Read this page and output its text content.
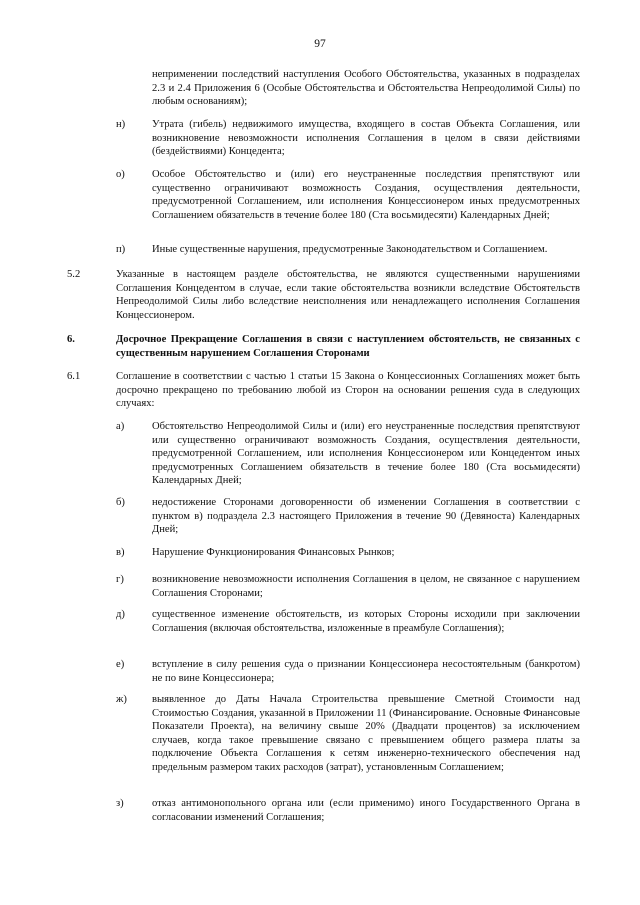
97
неприменении последствий наступления Особого Обстоятельства, указанных в подразделах 2.3 и 2.4 Приложения 6 (Особые Обстоятельства и Обстоятельства Непреодолимой Силы) по любым основаниям);
н)	Утрата (гибель) недвижимого имущества, входящего в состав Объекта Соглашения, или возникновение невозможности исполнения Соглашения в целом в связи действиями (бездействиями) Концедента;
о)	Особое Обстоятельство и (или) его неустраненные последствия препятствуют или существенно ограничивают возможность Создания, осуществления деятельности, предусмотренной Соглашением, или исполнения Концессионером иных предусмотренных Соглашением обязательств в течение более 180 (Ста восьмидесяти) Календарных Дней;
п)	Иные существенные нарушения, предусмотренные Законодательством и Соглашением.
5.2	Указанные в настоящем разделе обстоятельства, не являются существенными нарушениями Соглашения Концедентом в случае, если такие обстоятельства возникли вследствие Обстоятельств Непреодолимой Силы либо вследствие неисполнения или ненадлежащего исполнения Соглашения Концессионером.
6.	Досрочное Прекращение Соглашения в связи с наступлением обстоятельств, не связанных с существенным нарушением Соглашения Сторонами
6.1	Соглашение в соответствии с частью 1 статьи 15 Закона о Концессионных Соглашениях может быть досрочно прекращено по требованию любой из Сторон на основании решения суда в следующих случаях:
а)	Обстоятельство Непреодолимой Силы и (или) его неустраненные последствия препятствуют или существенно ограничивают возможность Создания, осуществления деятельности, предусмотренной Соглашением, или исполнения Концессионером или Концедентом иных предусмотренных Соглашением обязательств в течение более 180 (Ста восьмидесяти) Календарных Дней;
б)	недостижение Сторонами договоренности об изменении Соглашения в соответствии с пунктом в) подраздела 2.3 настоящего Приложения в течение 90 (Девяноста) Календарных Дней;
в)	Нарушение Функционирования Финансовых Рынков;
г)	возникновение невозможности исполнения Соглашения в целом, не связанное с нарушением Соглашения Сторонами;
д)	существенное изменение обстоятельств, из которых Стороны исходили при заключении Соглашения (включая обстоятельства, изложенные в преамбуле Соглашения);
е)	вступление в силу решения суда о признании Концессионера несостоятельным (банкротом) не по вине Концессионера;
ж) выявленное до Даты Начала Строительства превышение Сметной Стоимости над Стоимостью Создания, указанной в Приложении 11 (Финансирование. Основные Финансовые Показатели Проекта), на величину свыше 20% (Двадцати процентов) за исключением случаев, когда такое превышение связано с превышением общего размера платы за подключение Объекта Соглашения к сетям инженерно-технического обеспечения над предельным размером таких расходов (затрат), установленным Соглашением;
з)	отказ антимонопольного органа или (если применимо) иного Государственного Органа в согласовании изменений Соглашения;
